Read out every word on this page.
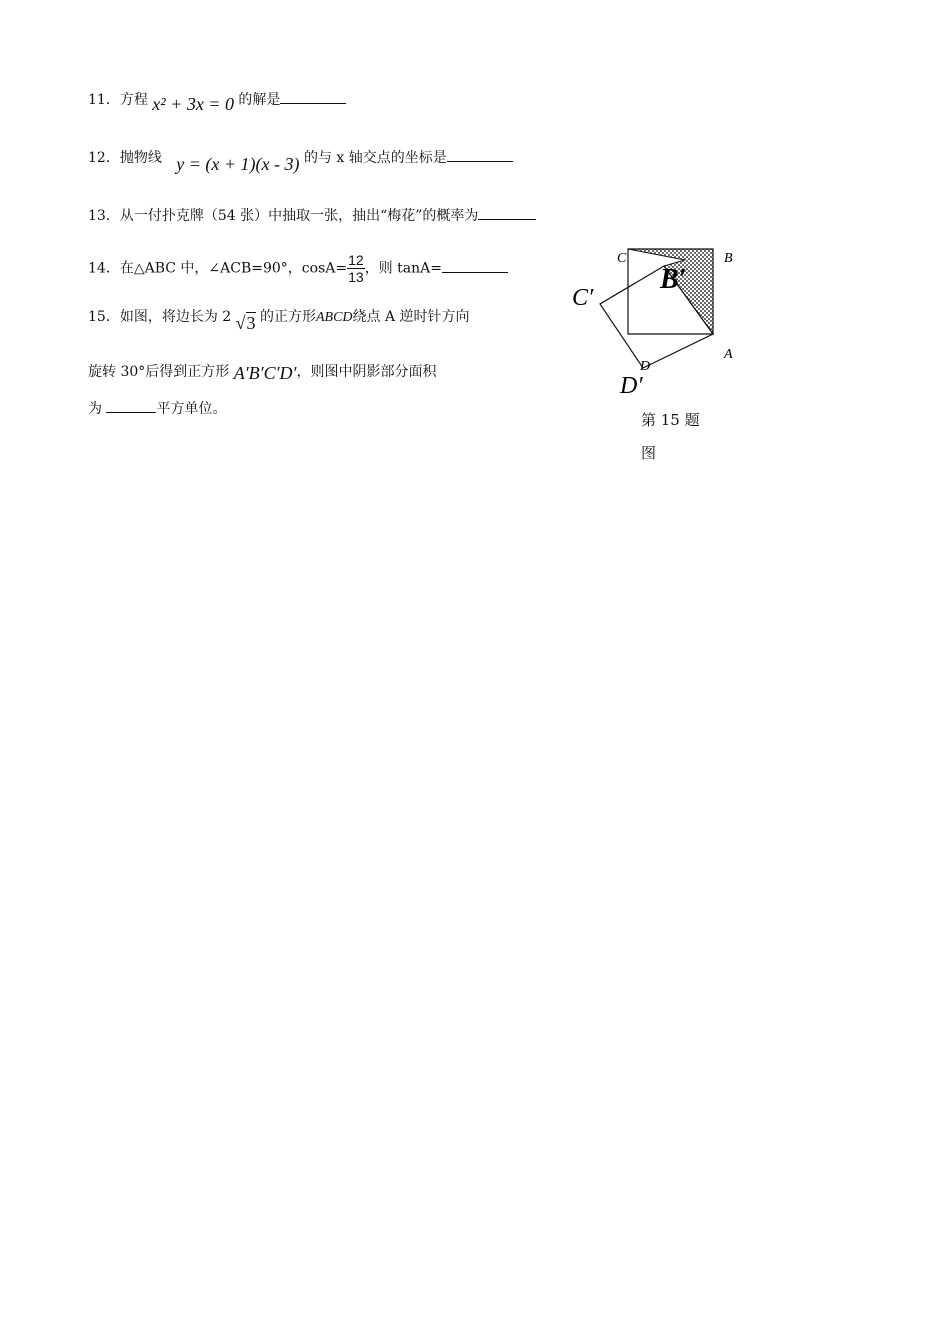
11．方程 x² + 3x = 0 的解是
12．抛物线 y = (x + 1)(x - 3) 的与 x 轴交点的坐标是
13．从一付扑克牌（54 张）中抽取一张，抽出“梅花”的概率为
14．在△ABC 中，∠ACB=90°，$\cos A= \frac{12}{13}$ ，则 tanA=
15．如图，将边长为 2 √3 的正方形ABCD绕点 A 逆时针方向
旋转 30°后得到正方形 A′B′C′D′，则图中阴影部分面积
为	平方单位。
C	B
A
D
C′
B′
D′
第 15 题
图
